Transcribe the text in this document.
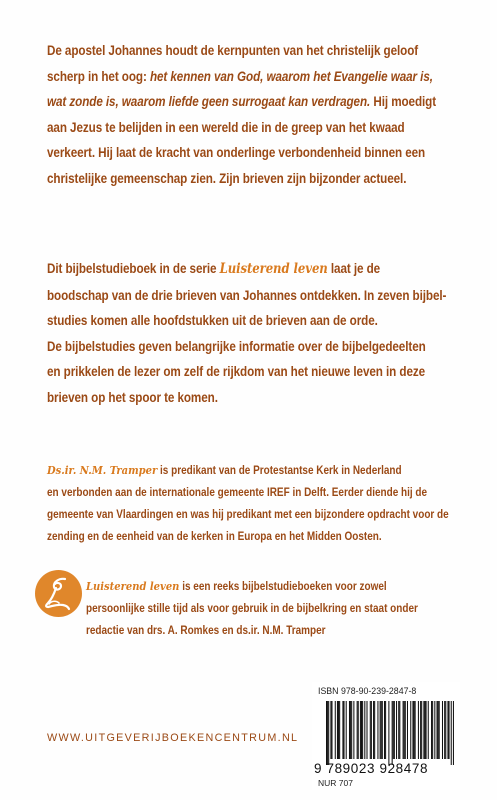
De apostel Johannes houdt de kernpunten van het christelijk geloof
scherp in het oog: het kennen van God, waarom het Evangelie waar is,
wat zonde is, waarom liefde geen surrogaat kan verdragen. Hij moedigt
aan Jezus te belijden in een wereld die in de greep van het kwaad
verkeert. Hij laat de kracht van onderlinge verbondenheid binnen een
christelijke gemeenschap zien. Zijn brieven zijn bijzonder actueel.
Dit bijbelstudieboek in de serie Luisterend leven laat je de
boodschap van de drie brieven van Johannes ontdekken. In zeven bijbel-
studies komen alle hoofdstukken uit de brieven aan de orde.
De bijbelstudies geven belangrijke informatie over de bijbelgedeelten
en prikkelen de lezer om zelf de rijkdom van het nieuwe leven in deze
brieven op het spoor te komen.
Ds.ir. N.M. Tramper is predikant van de Protestantse Kerk in Nederland
en verbonden aan de internationale gemeente IREF in Delft. Eerder diende hij de
gemeente van Vlaardingen en was hij predikant met een bijzondere opdracht voor de
zending en de eenheid van de kerken in Europa en het Midden Oosten.
Luisterend leven is een reeks bijbelstudieboeken voor zowel
persoonlijke stille tijd als voor gebruik in de bijbelkring en staat onder
redactie van drs. A. Romkes en ds.ir. N.M. Tramper
WWW.UITGEVERIJBOEKENCENTRUM.NL
ISBN 978-90-239-2847-8
9 789023 928478
NUR 707
